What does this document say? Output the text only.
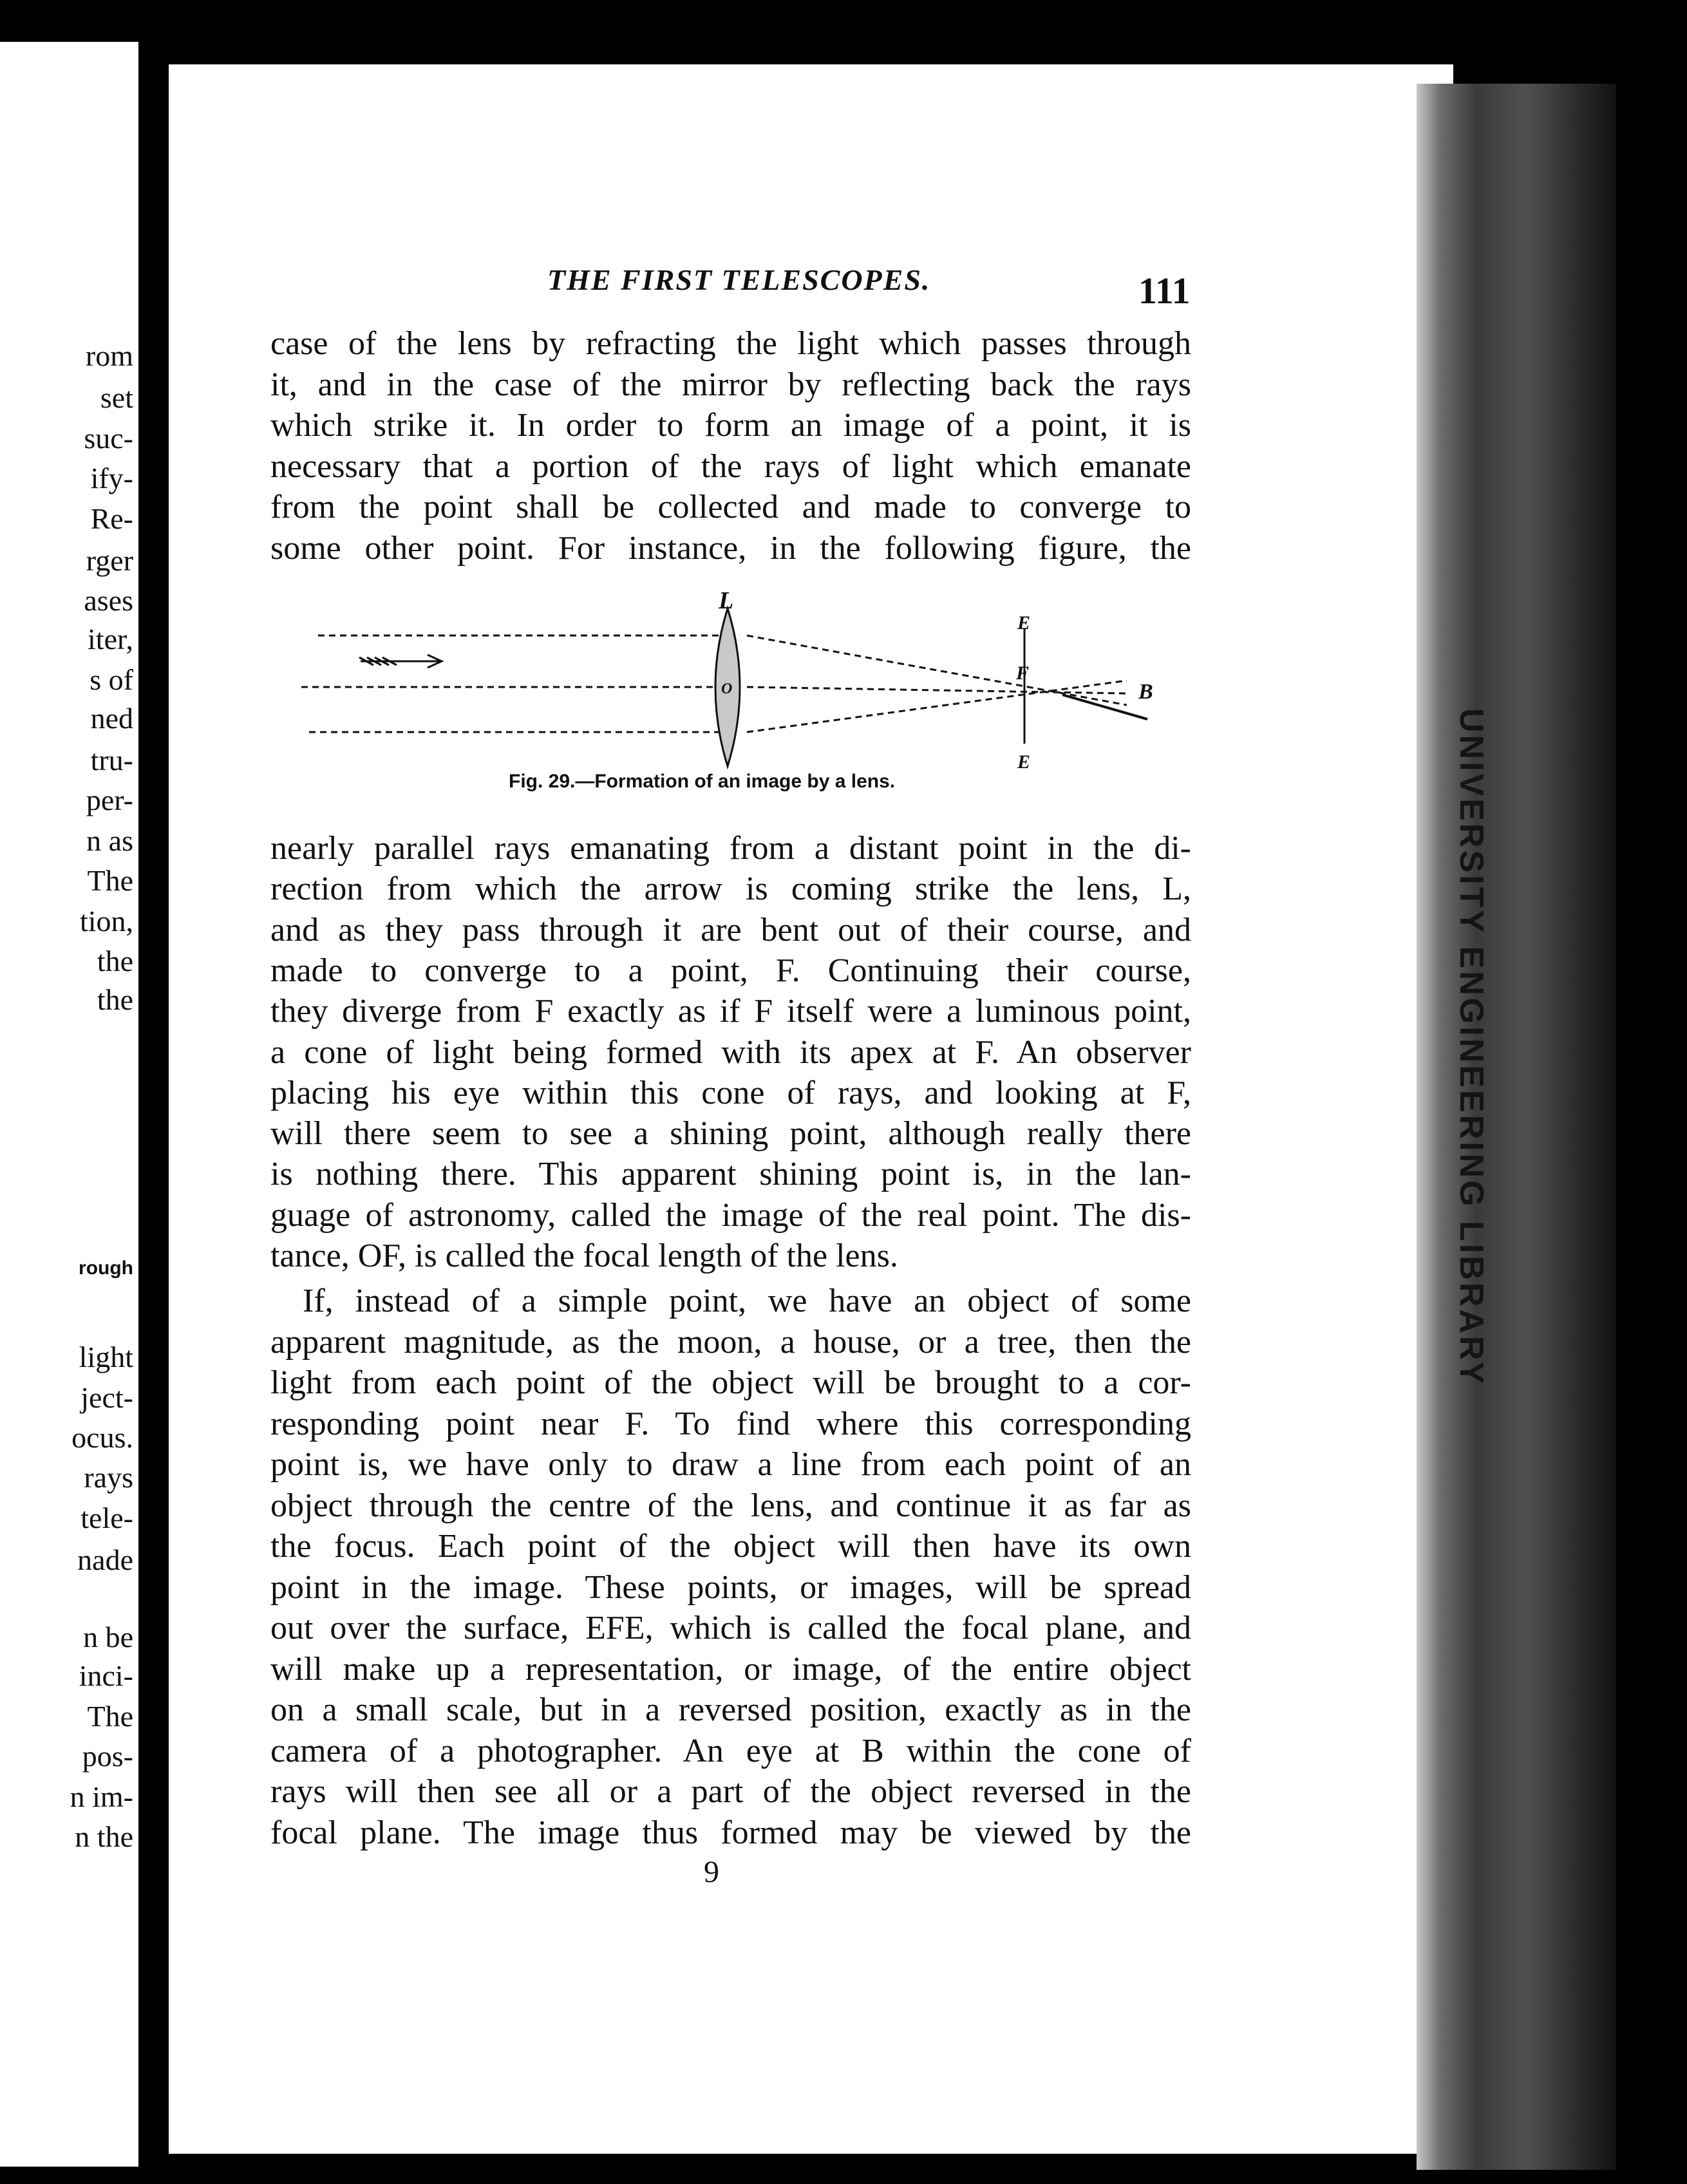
rom
set
suc-
ify-
Re-
rger
ases
iter,
s of
ned
tru-
per-
n as
The
tion,
the
the
rough
light
ject-
ocus.
rays
tele-
nade
n be
inci-
The
pos-
n im-
n the
UNIVERSITY ENGINEERING LIBRARY
THE FIRST TELESCOPES.	111
case of the lens by refracting the light which passes through
it, and in the case of the mirror by reflecting back the rays
which strike it. In order to form an image of a point, it is
necessary that a portion of the rays of light which emanate
from the point shall be collected and made to converge to
some other point. For instance, in the following figure, the
L
O
E
F
B
E
Fig. 29.—Formation of an image by a lens.
nearly parallel rays emanating from a distant point in the di-
rection from which the arrow is coming strike the lens, L,
and as they pass through it are bent out of their course, and
made to converge to a point, F. Continuing their course,
they diverge from F exactly as if F itself were a luminous point,
a cone of light being formed with its apex at F. An observer
placing his eye within this cone of rays, and looking at F,
will there seem to see a shining point, although really there
is nothing there. This apparent shining point is, in the lan-
guage of astronomy, called the image of the real point. The dis-
tance, OF, is called the focal length of the lens.
If, instead of a simple point, we have an object of some
apparent magnitude, as the moon, a house, or a tree, then the
light from each point of the object will be brought to a cor-
responding point near F. To find where this corresponding
point is, we have only to draw a line from each point of an
object through the centre of the lens, and continue it as far as
the focus. Each point of the object will then have its own
point in the image. These points, or images, will be spread
out over the surface, EFE, which is called the focal plane, and
will make up a representation, or image, of the entire object
on a small scale, but in a reversed position, exactly as in the
camera of a photographer. An eye at B within the cone of
rays will then see all or a part of the object reversed in the
focal plane. The image thus formed may be viewed by the
9
